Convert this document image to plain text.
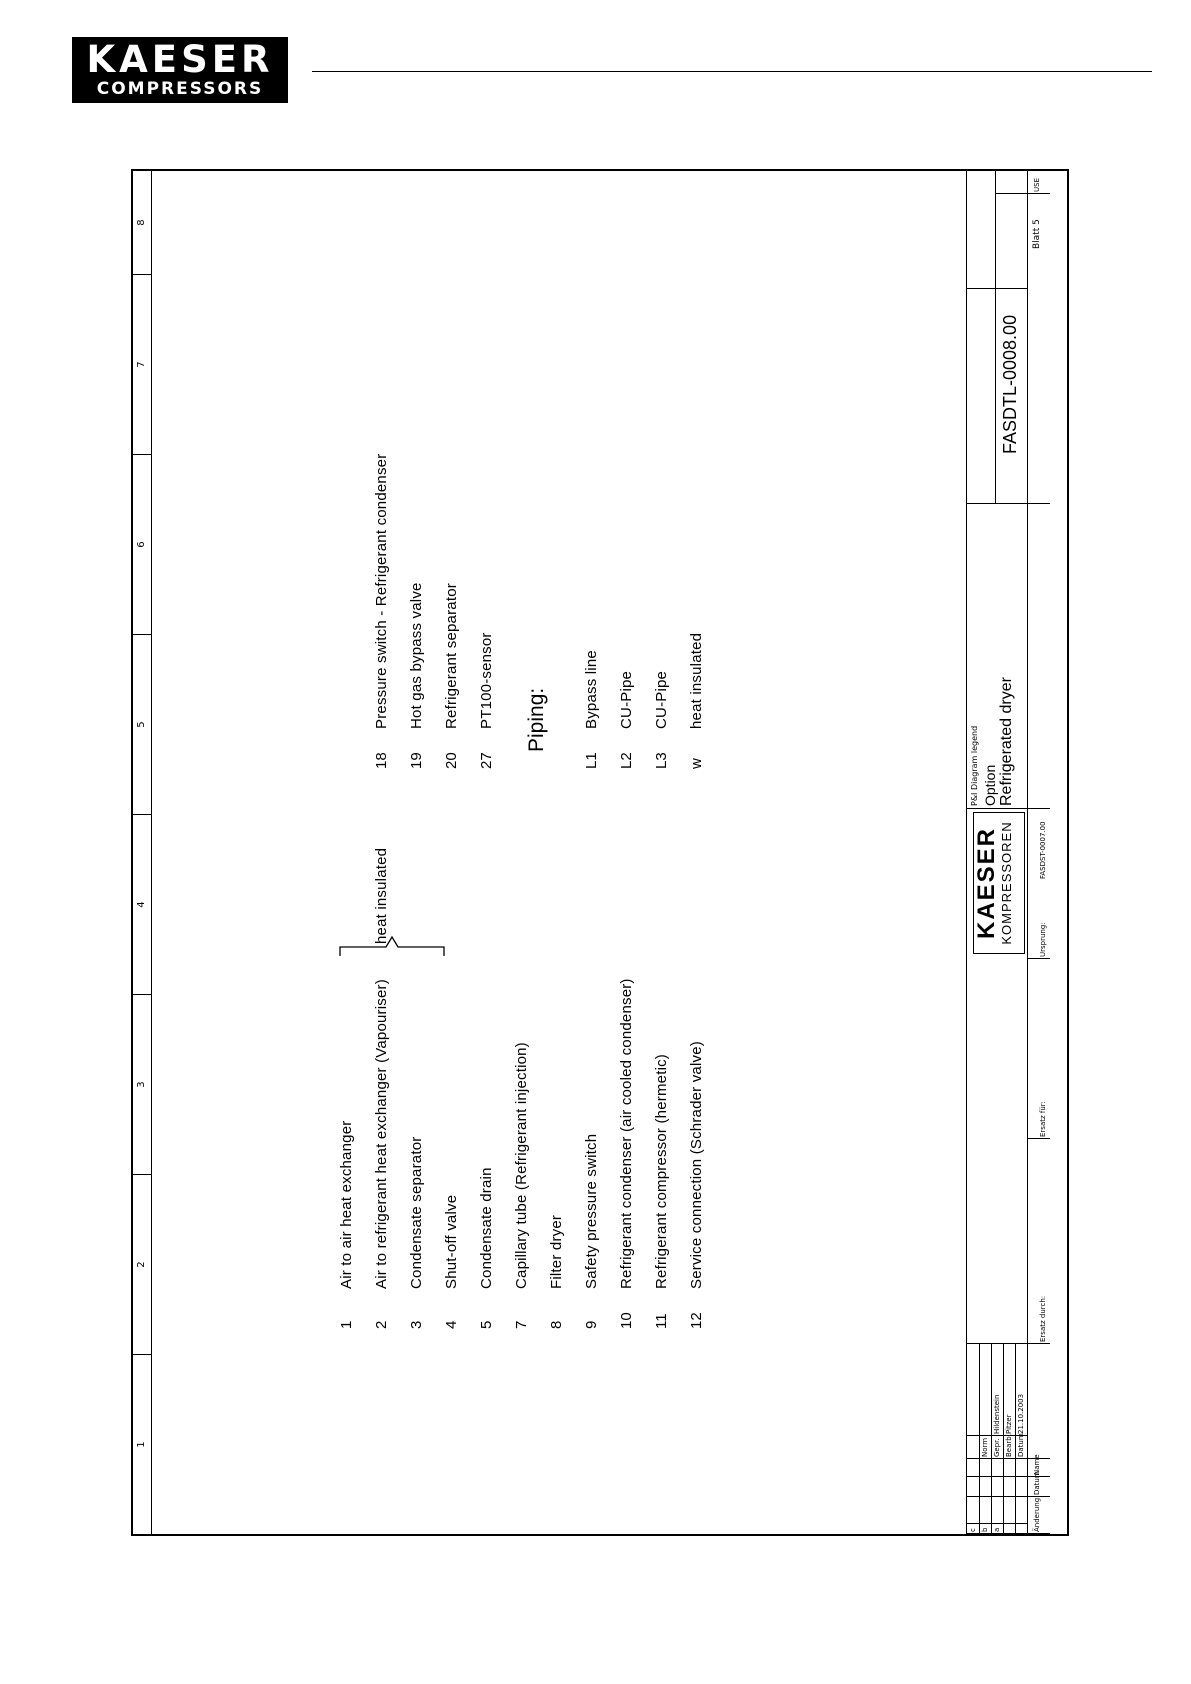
KAESER
COMPRESSORS
1
2
3
4
5
6
7
8
1
Air to air heat exchanger
2
Air to refrigerant heat exchanger (Vapouriser)
3
Condensate separator
4
Shut-off valve
5
Condensate drain
7
Capillary tube (Refrigerant injection)
8
Filter dryer
9
Safety pressure switch
10
Refrigerant condenser (air cooled condenser)
11
Refrigerant compressor (hermetic)
12
Service connection (Schrader valve)
heat insulated
18
Pressure switch - Refrigerant condenser
19
Hot gas bypass valve
20
Refrigerant separator
27
PT100-sensor Piping:
L1
Bypass line
L2
CU-Pipe
L3
CU-Pipe
w
heat insulated
c b a	Änderung
Datum
Name
Datum
21.10.2003
Bearb.
Pitzer
Gepr.
Hildenstein
Norm
Ersatz durch:
Ersatz für:
Ursprung:
FASDST-0007.00
KAESER KOMPRESSOREN
P&I Diagram legend Option Refrigerated dryer
FASDTL-0008.00
Blatt 5
USE
